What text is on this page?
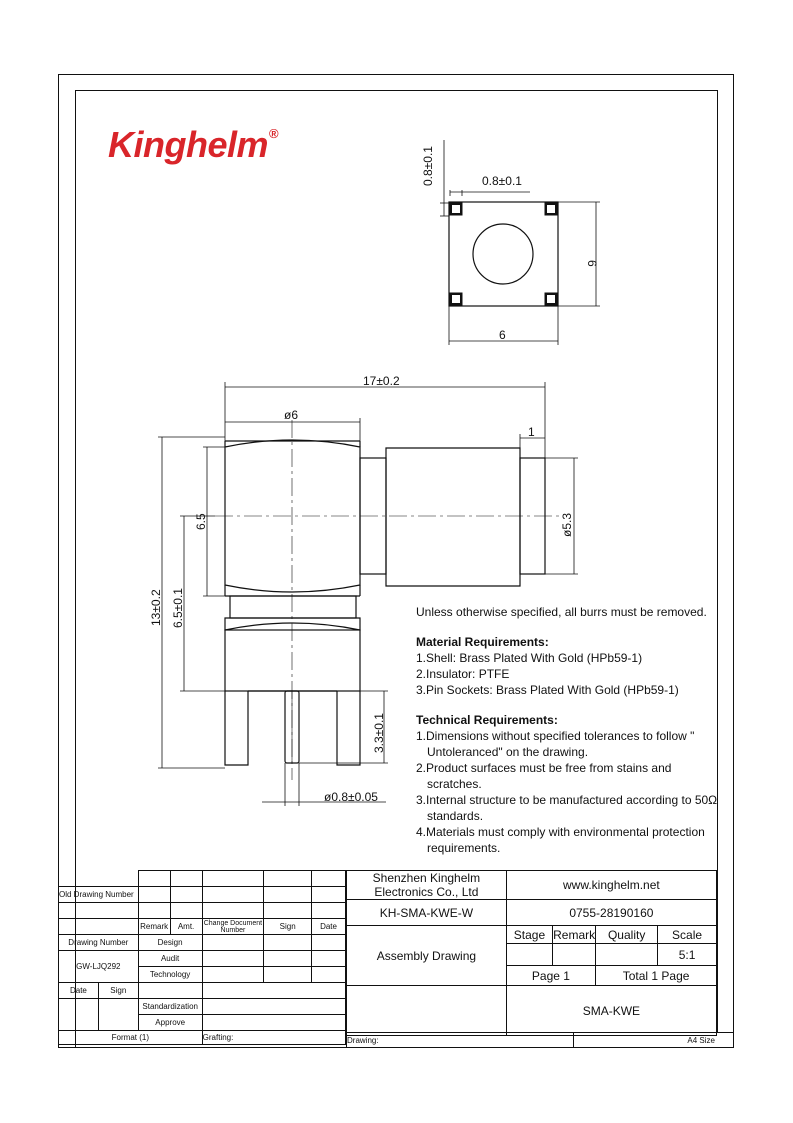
Kinghelm®
0.8±0.1	0.8±0.1
6
6
17±0.2
ø6
1
ø5.3
6.5
6.5±0.1
13±0.2
3.3±0.1
ø0.8±0.05
Unless otherwise specified, all burrs must be removed.
Material Requirements:
1.Shell: Brass Plated With Gold (HPb59-1)
2.Insulator: PTFE
3.Pin Sockets: Brass Plated With Gold (HPb59-1)
Technical Requirements:
1.Dimensions without specified tolerances to follow " Untoleranced" on the drawing.
2.Product surfaces must be free from stains and scratches.
3.Internal structure to be manufactured according to 50Ω standards.
4.Materials must comply with environmental protection requirements.

Old Drawing Number					

	Remark	Amt.	Change Document Number	Sign	Date
Drawing Number	Design				
GW-LJQ292	Audit				
	Technology				
Date	Sign		
		Standardization	
		Approve	
Format (1)			Grafting:
Shenzhen Kinghelm Electronics Co., Ltd	www.kinghelm.net			
KH-SMA-KWE-W	0755-28190160			
Assembly Drawing	Stage	Remark	Quality	Scale
				5:1
	Page 1		Total 1 Page	
	SMA-KWE			
Drawing:	A4 Size
